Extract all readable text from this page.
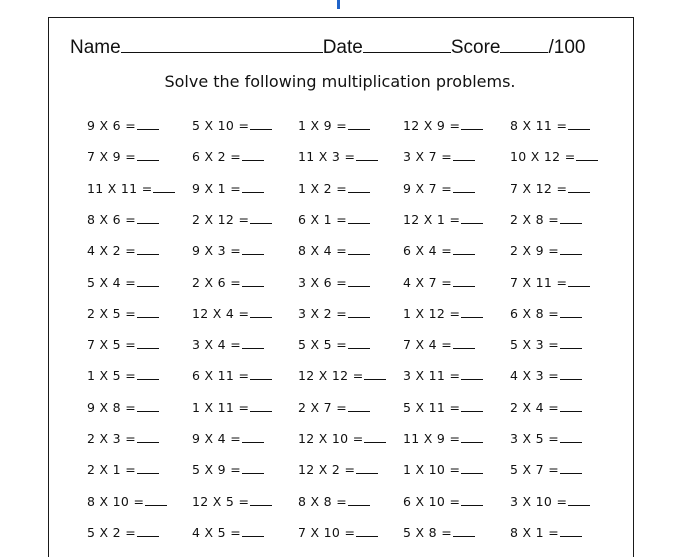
Name	Date	Score	/100
Solve the following multiplication problems.
9 X 6 =	5 X 10 =	1 X 9 =	12 X 9 =	8 X 11 =
7 X 9 =	6 X 2 =	11 X 3 =	3 X 7 =	10 X 12 =
11 X 11 =	9 X 1 =	1 X 2 =	9 X 7 =	7 X 12 =
8 X 6 =	2 X 12 =	6 X 1 =	12 X 1 =	2 X 8 =
4 X 2 =	9 X 3 =	8 X 4 =	6 X 4 =	2 X 9 =
5 X 4 =	2 X 6 =	3 X 6 =	4 X 7 =	7 X 11 =
2 X 5 =	12 X 4 =	3 X 2 =	1 X 12 =	6 X 8 =
7 X 5 =	3 X 4 =	5 X 5 =	7 X 4 =	5 X 3 =
1 X 5 =	6 X 11 =	12 X 12 =	3 X 11 =	4 X 3 =
9 X 8 =	1 X 11 =	2 X 7 =	5 X 11 =	2 X 4 =
2 X 3 =	9 X 4 =	12 X 10 =	11 X 9 =	3 X 5 =
2 X 1 =	5 X 9 =	12 X 2 =	1 X 10 =	5 X 7 =
8 X 10 =	12 X 5 =	8 X 8 =	6 X 10 =	3 X 10 =
5 X 2 =	4 X 5 =	7 X 10 =	5 X 8 =	8 X 1 =
